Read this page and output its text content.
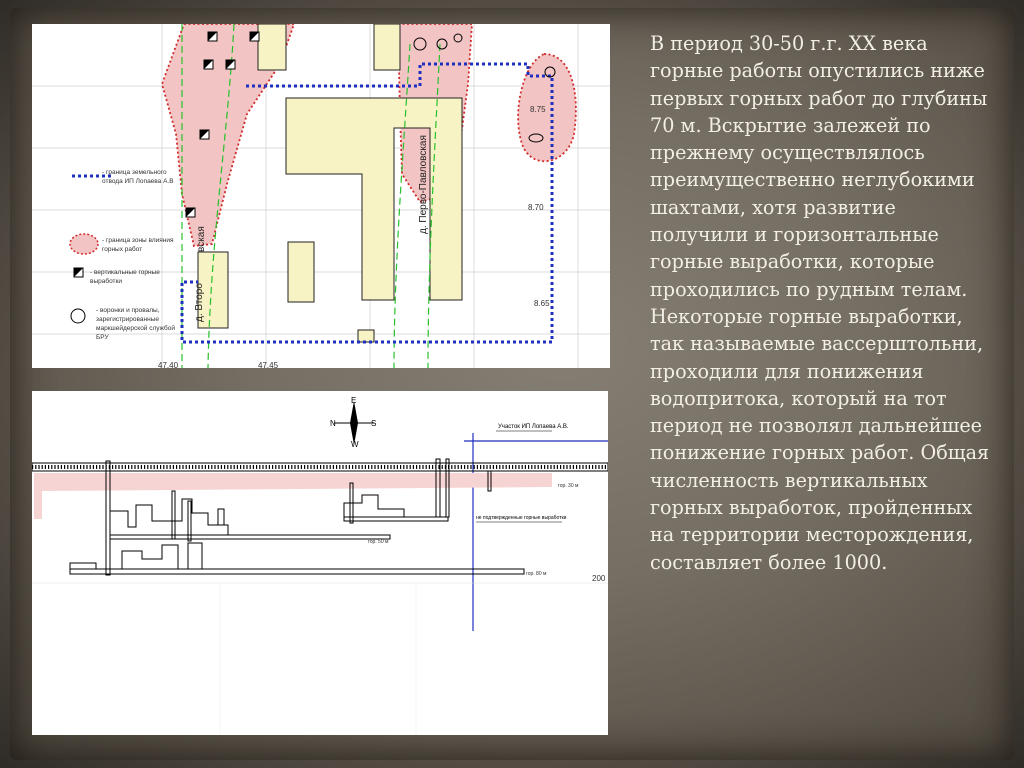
д. Перво-Павловская
д. Второ
вская
8.75
8.70
8.65
47.40	47.45
- граница земельного
отвода ИП Лопаева А.В
- граница зоны влияния
горных работ
- вертикальные горные
выработки
- воронки и провалы,
зарегистрированные
маркшейдерской службой
БРУ
E
N	S
W
Участок ИП Лопаева А.В.
не подтвержденные горные выработки
гор. 30 м
гор. 50 м
гор. 80 м	200

В период 30-50 г.г. XX века горные работы опустились ниже первых горных работ до глубины 70 м. Вскрытие залежей по прежнему осуществлялось преимущественно неглубокими шахтами, хотя развитие получили и горизонтальные горные выработки, которые проходились по рудным телам. Некоторые горные выработки, так называемые вассерштольни, проходили для понижения водопритока, который на тот период не позволял дальнейшее понижение горных работ. Общая численность вертикальных горных выработок, пройденных на территории месторождения, составляет более 1000.
